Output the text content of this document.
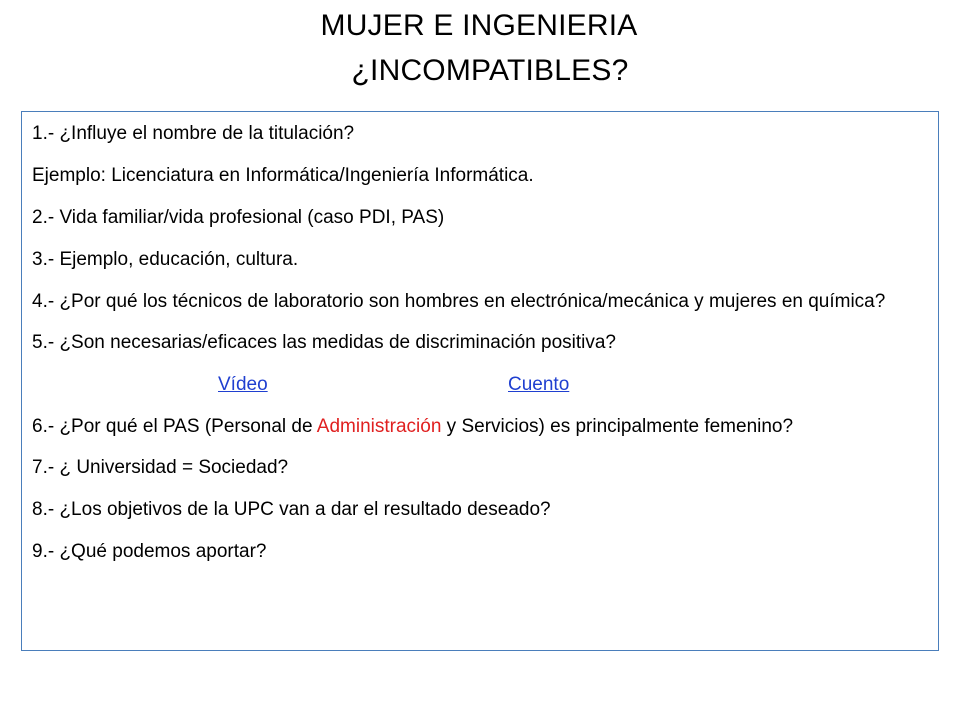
MUJER E INGENIERIA
¿INCOMPATIBLES?
1.- ¿Influye el nombre de la titulación?
Ejemplo: Licenciatura en Informática/Ingeniería Informática.
2.- Vida familiar/vida profesional (caso PDI, PAS)
3.- Ejemplo, educación, cultura.
4.- ¿Por qué los técnicos de laboratorio son hombres en electrónica/mecánica y mujeres en química?
5.- ¿Son necesarias/eficaces las medidas de discriminación positiva?
Vídeo	Cuento
6.- ¿Por qué el PAS (Personal de Administración y Servicios) es principalmente femenino?
7.- ¿ Universidad = Sociedad?
8.- ¿Los objetivos de la UPC van a dar el resultado deseado?
9.- ¿Qué podemos aportar?
